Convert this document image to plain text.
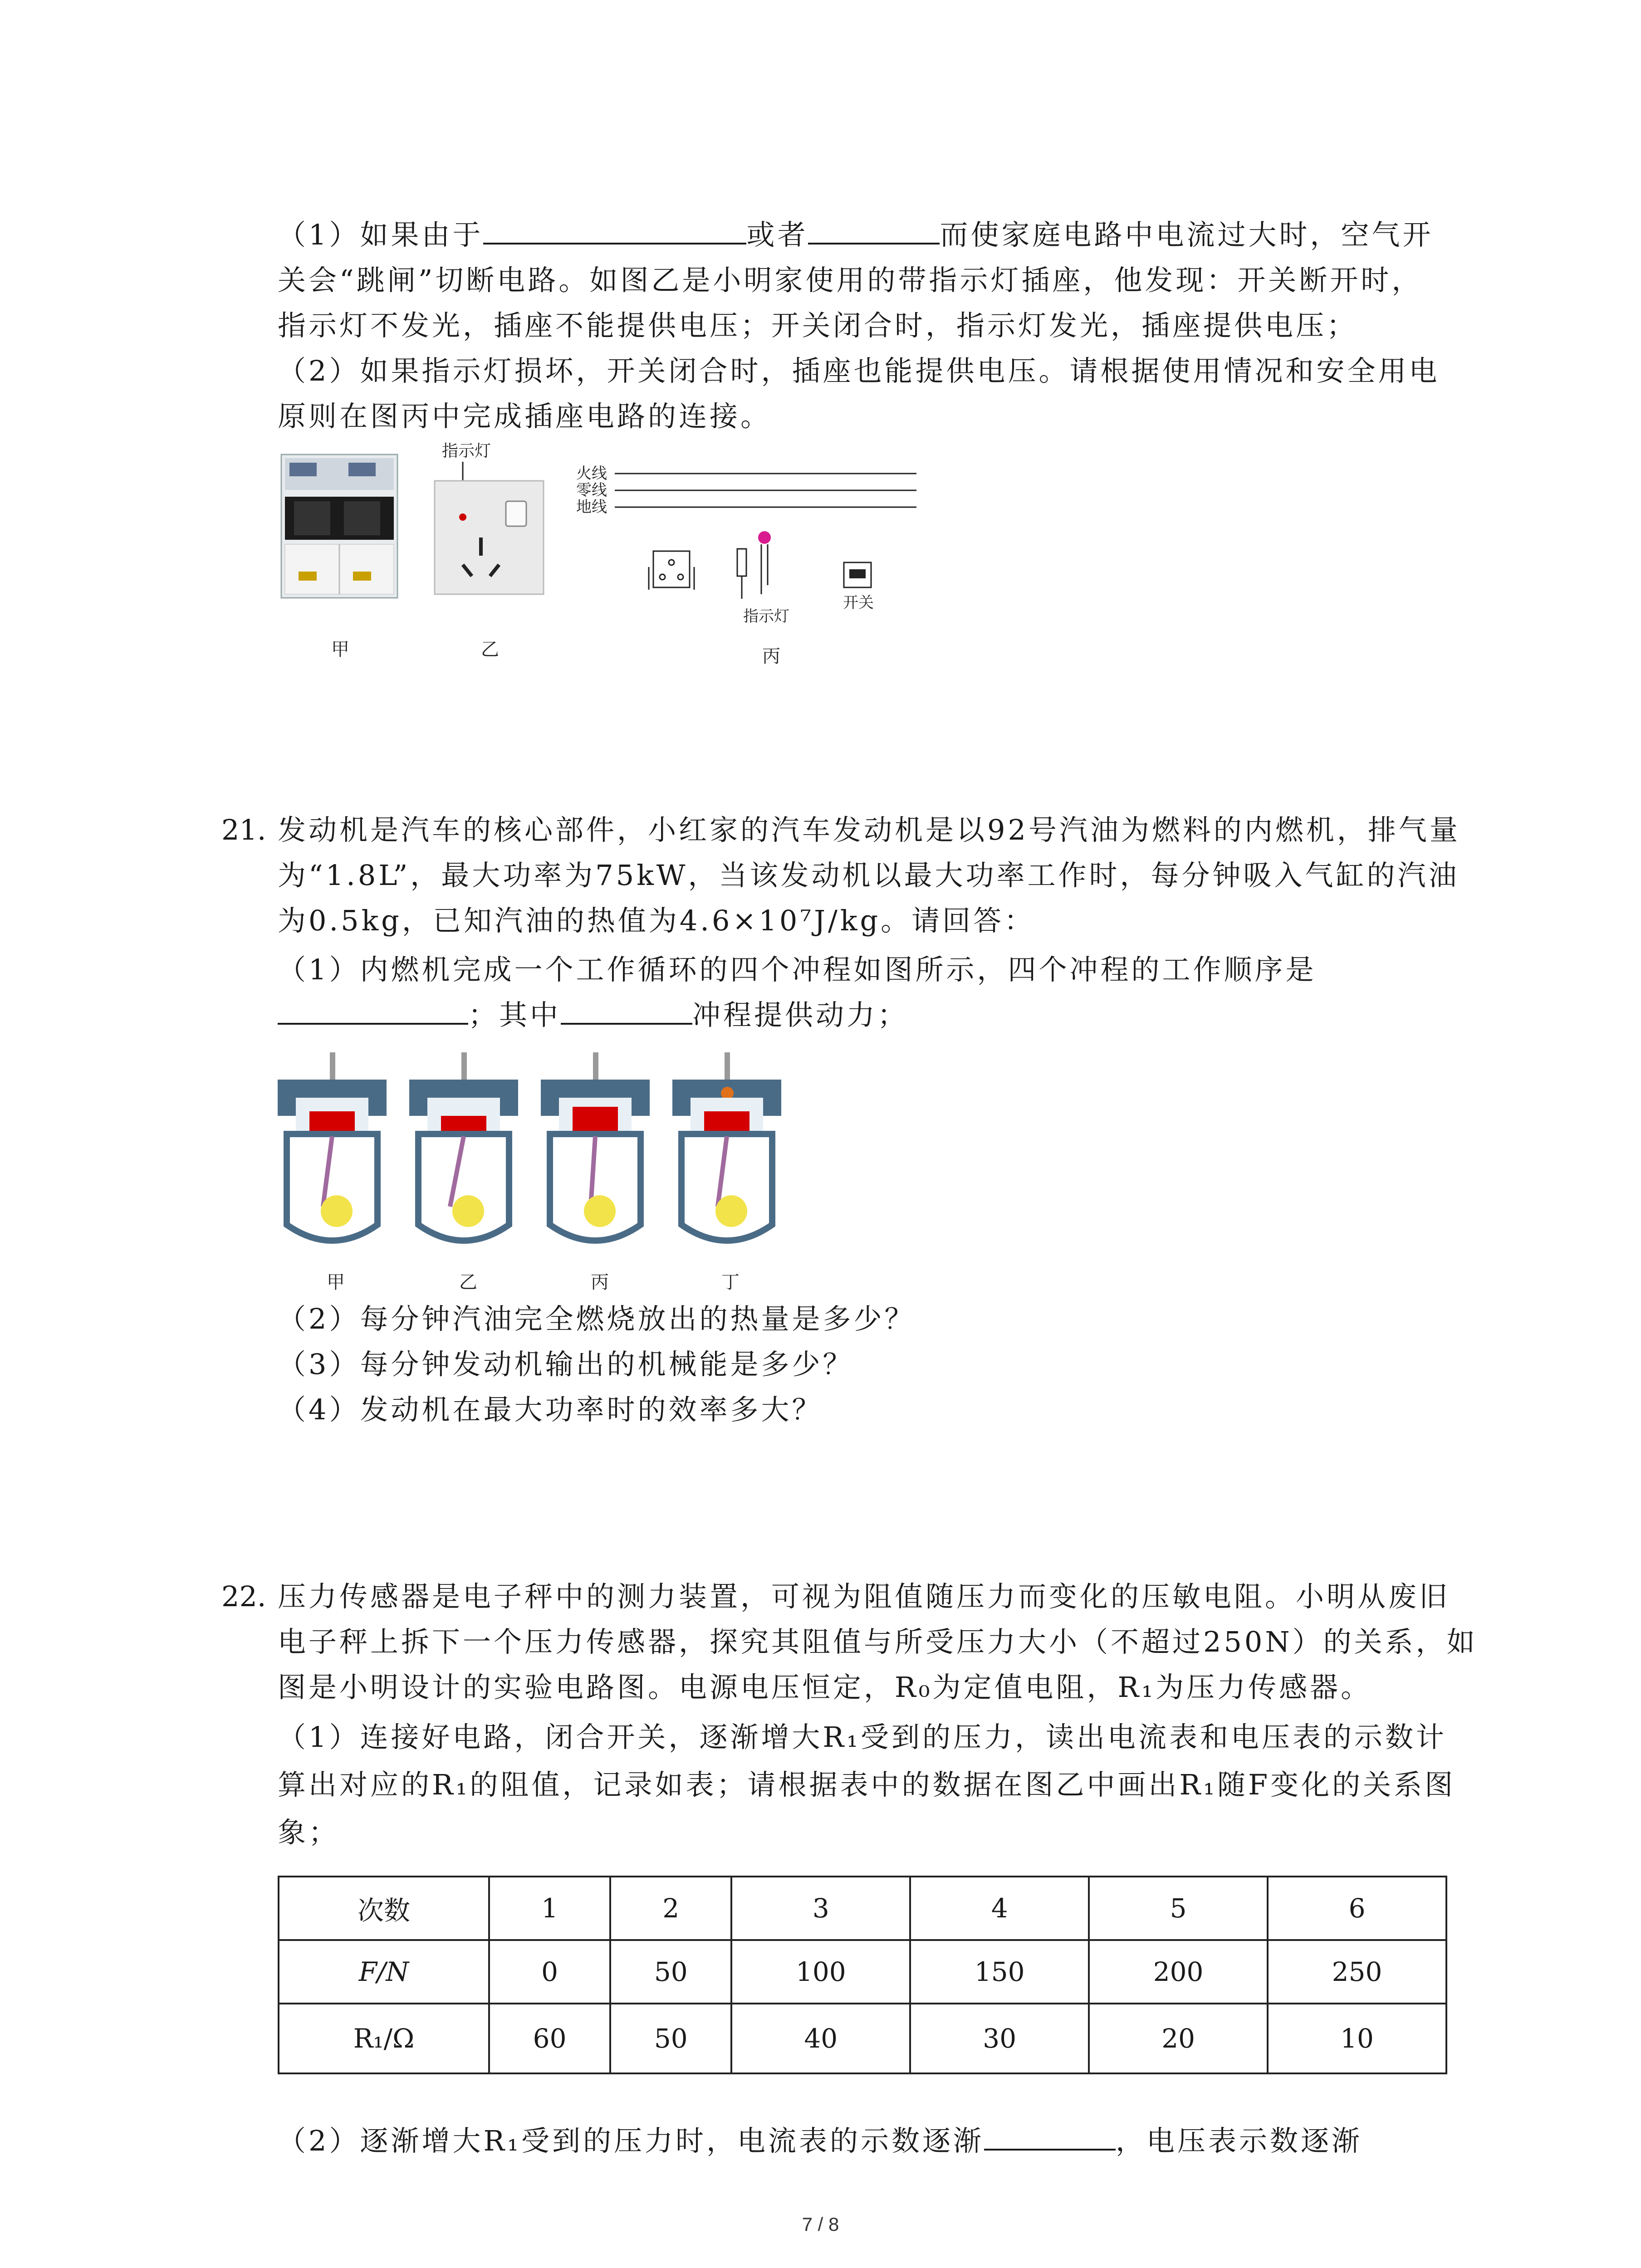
（1）如果由于	或者	而使家庭电路中电流过大时，空气开
关会“跳闸”切断电路。如图乙是小明家使用的带指示灯插座，他发现：开关断开时，
指示灯不发光，插座不能提供电压；开关闭合时，指示灯发光，插座提供电压；
（2）如果指示灯损坏，开关闭合时，插座也能提供电压。请根据使用情况和安全用电
原则在图丙中完成插座电路的连接。
指示灯
火线
零线
地线
指示灯
开关
甲	乙	丙
21. 发动机是汽车的核心部件，小红家的汽车发动机是以92号汽油为燃料的内燃机，排气量
为“1.8L”，最大功率为75kW，当该发动机以最大功率工作时，每分钟吸入气缸的汽油
为0.5kg，已知汽油的热值为4.6×10⁷J/kg。请回答：
（1）内燃机完成一个工作循环的四个冲程如图所示，四个冲程的工作顺序是
；其中	冲程提供动力；
甲	乙	丙	丁
（2）每分钟汽油完全燃烧放出的热量是多少？
（3）每分钟发动机输出的机械能是多少？
（4）发动机在最大功率时的效率多大？
22. 压力传感器是电子秤中的测力装置，可视为阻值随压力而变化的压敏电阻。小明从废旧
电子秤上拆下一个压力传感器，探究其阻值与所受压力大小（不超过250N）的关系，如
图是小明设计的实验电路图。电源电压恒定，R₀为定值电阻，R₁为压力传感器。
（1）连接好电路，闭合开关，逐渐增大R₁受到的压力，读出电流表和电压表的示数计
算出对应的R₁的阻值，记录如表；请根据表中的数据在图乙中画出R₁随F变化的关系图
象；
次数	1	2	3	4	5	6
F/N	0	50	100	150	200	250
R₁/Ω	60	50	40	30	20	10
（2）逐渐增大R₁受到的压力时，电流表的示数逐渐	，电压表示数逐渐
7 / 8
